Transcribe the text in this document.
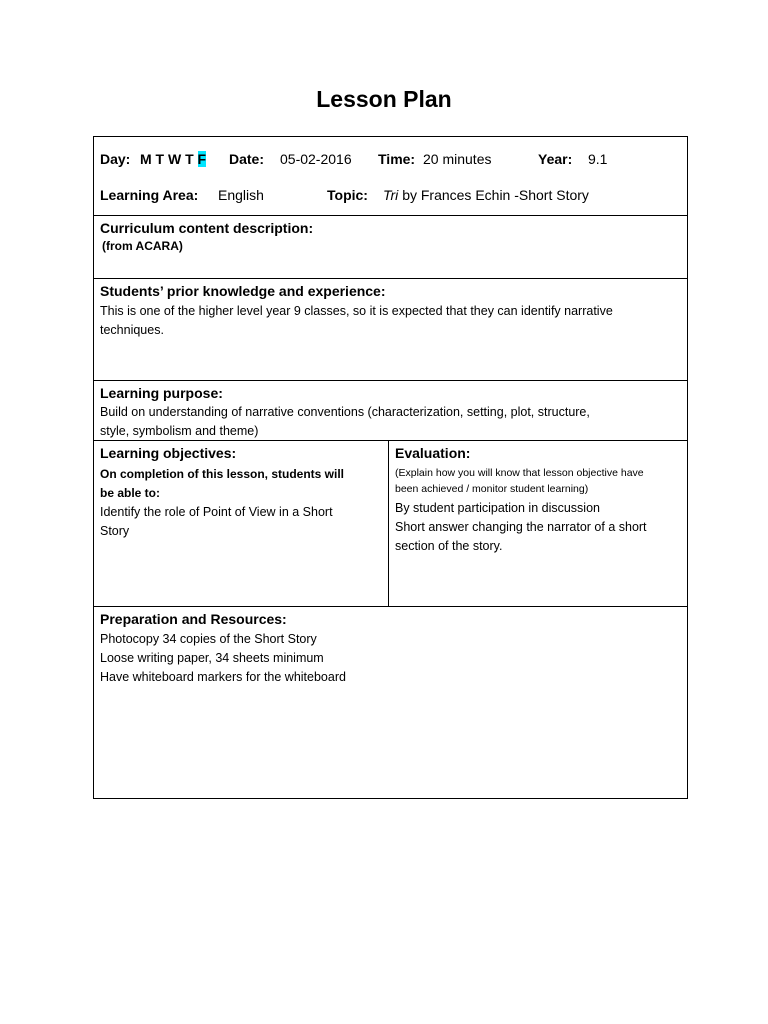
Lesson Plan
Day: M T W T F Date: 05-02-2016 Time: 20 minutes	Year: 9.1
Learning Area: English	Topic: Tri by Frances Echin -Short Story
Curriculum content description:
(from ACARA)
Students’ prior knowledge and experience:
This is one of the higher level year 9 classes, so it is expected that they can identify narrative
techniques.
Learning purpose:
Build on understanding of narrative conventions (characterization, setting, plot, structure,
style, symbolism and theme)
Learning objectives:
On completion of this lesson, students will
be able to:
Identify the role of Point of View in a Short
Story
Evaluation:
(Explain how you will know that lesson objective have
been achieved / monitor student learning)
By student participation in discussion
Short answer changing the narrator of a short
section of the story.
Preparation and Resources:
Photocopy 34 copies of the Short Story
Loose writing paper, 34 sheets minimum
Have whiteboard markers for the whiteboard
